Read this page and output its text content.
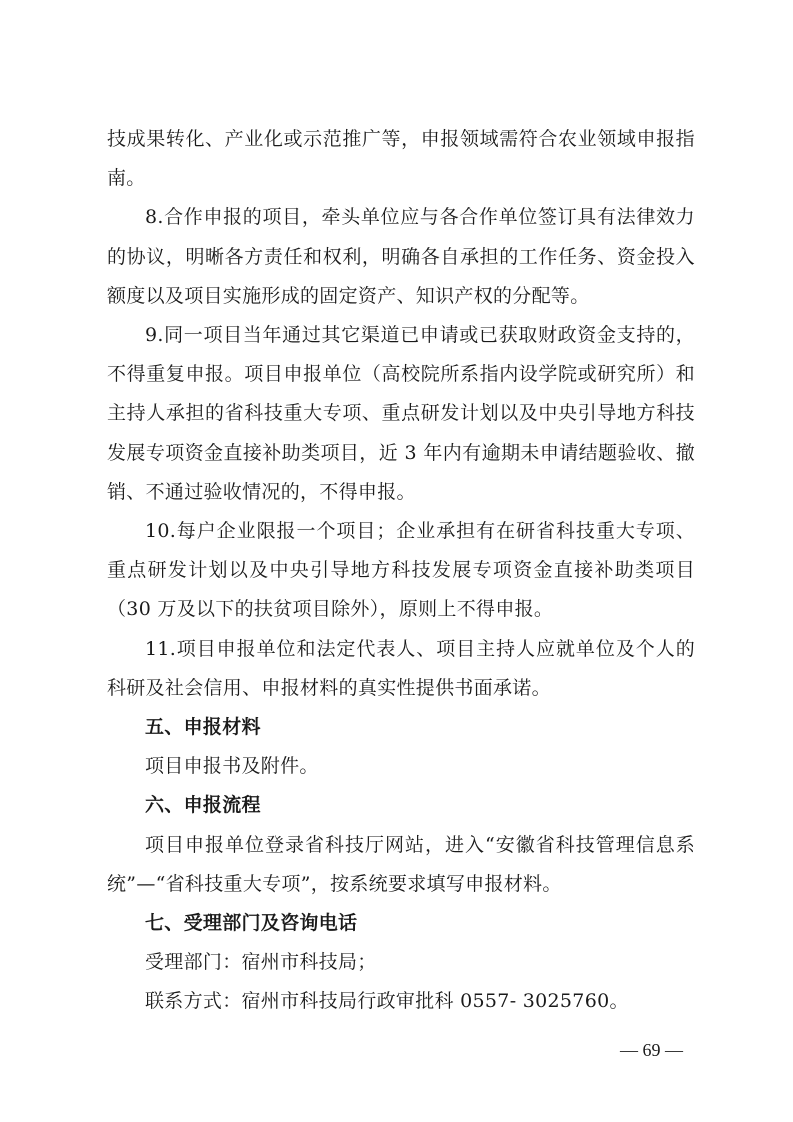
技成果转化、产业化或示范推广等，申报领域需符合农业领域申报指南。

8.合作申报的项目，牵头单位应与各合作单位签订具有法律效力的协议，明晰各方责任和权利，明确各自承担的工作任务、资金投入额度以及项目实施形成的固定资产、知识产权的分配等。

9.同一项目当年通过其它渠道已申请或已获取财政资金支持的，不得重复申报。项目申报单位（高校院所系指内设学院或研究所）和主持人承担的省科技重大专项、重点研发计划以及中央引导地方科技发展专项资金直接补助类项目，近 3 年内有逾期未申请结题验收、撤销、不通过验收情况的，不得申报。

10.每户企业限报一个项目；企业承担有在研省科技重大专项、重点研发计划以及中央引导地方科技发展专项资金直接补助类项目（30 万及以下的扶贫项目除外），原则上不得申报。

11.项目申报单位和法定代表人、项目主持人应就单位及个人的科研及社会信用、申报材料的真实性提供书面承诺。

五、申报材料

项目申报书及附件。

六、申报流程

项目申报单位登录省科技厅网站，进入“安徽省科技管理信息系统”—“省科技重大专项”，按系统要求填写申报材料。

七、受理部门及咨询电话

受理部门：宿州市科技局；

联系方式：宿州市科技局行政审批科 0557- 3025760。

— 69 —
